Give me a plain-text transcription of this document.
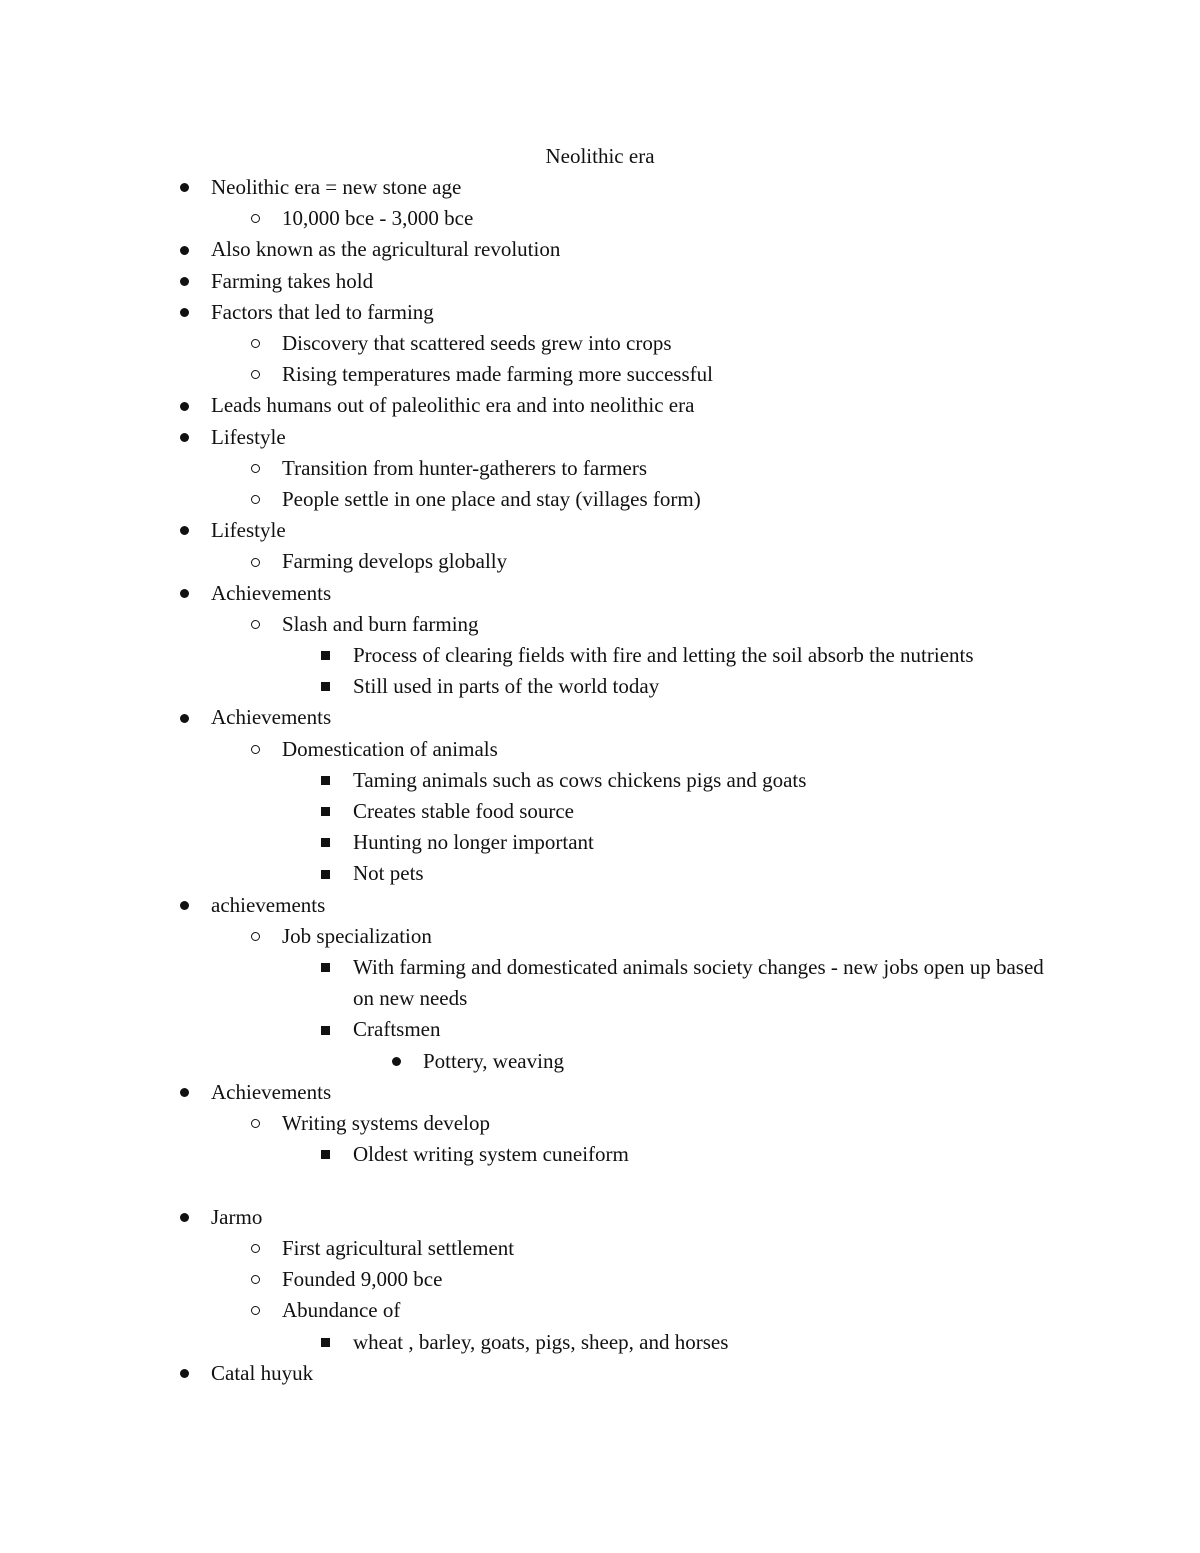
Neolithic era
Neolithic era = new stone age
10,000 bce - 3,000 bce
Also known as the agricultural revolution
Farming takes hold
Factors that led to farming
Discovery that scattered seeds grew into crops
Rising temperatures made farming more successful
Leads humans out of paleolithic era and into neolithic era
Lifestyle
Transition from hunter-gatherers to farmers
People settle in one place and stay (villages form)
Lifestyle
Farming develops globally
Achievements
Slash and burn farming
Process of clearing fields with fire and letting the soil absorb the nutrients
Still used in parts of the world today
Achievements
Domestication of animals
Taming animals such as cows chickens pigs and goats
Creates stable food source
Hunting no longer important
Not pets
achievements
Job specialization
With farming and domesticated animals society changes - new jobs open up based on new needs
Craftsmen
Pottery, weaving
Achievements
Writing systems develop
Oldest writing system cuneiform
Jarmo
First agricultural settlement
Founded 9,000 bce
Abundance of
wheat , barley, goats, pigs, sheep, and horses
Catal huyuk
